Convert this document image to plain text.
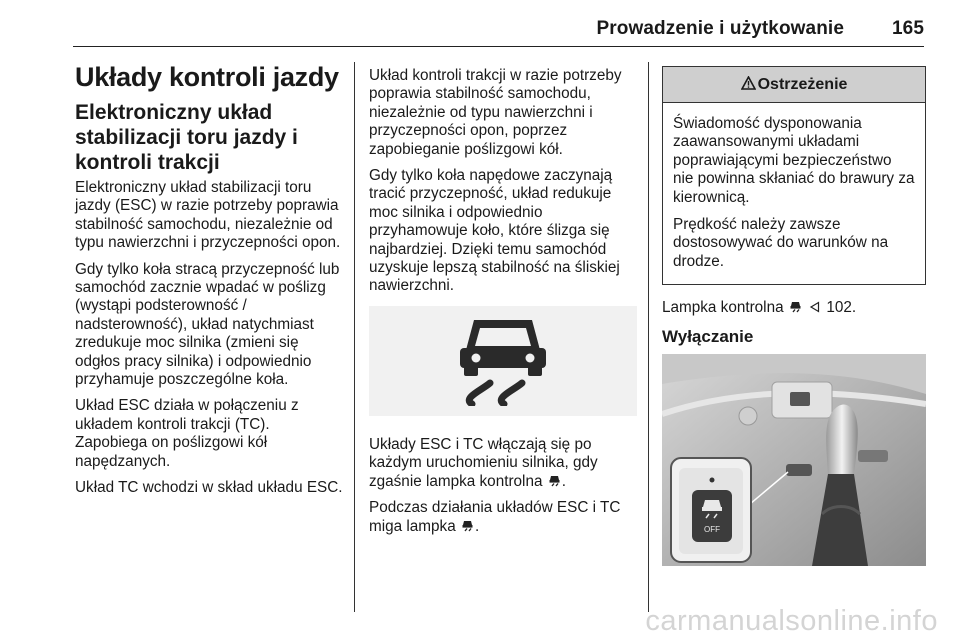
Prowadzenie i użytkowanie	165
Układy kontroli jazdy
Elektroniczny układ stabilizacji toru jazdy i kontroli trakcji

Elektroniczny układ stabilizacji toru jazdy (ESC) w razie potrzeby poprawia stabilność samochodu, niezależnie od typu nawierzchni i przyczepności opon.

Gdy tylko koła stracą przyczepność lub samochód zacznie wpadać w poślizg (wystąpi podsterowność / nadsterowność), układ natychmiast zredukuje moc silnika (zmieni się odgłos pracy silnika) i odpowiednio przyhamuje poszczególne koła.

Układ ESC działa w połączeniu z układem kontroli trakcji (TC). Zapobiega on poślizgowi kół napędzanych.

Układ TC wchodzi w skład układu ESC.

Układ kontroli trakcji w razie potrzeby poprawia stabilność samochodu, niezależnie od typu nawierzchni i przyczepności opon, poprzez zapobieganie poślizgowi kół.

Gdy tylko koła napędowe zaczynają tracić przyczepność, układ redukuje moc silnika i odpowiednio przyhamowuje koło, które ślizga się najbardziej. Dzięki temu samochód uzyskuje lepszą stabilność na śliskiej nawierzchni.

Układy ESC i TC włączają się po każdym uruchomieniu silnika, gdy zgaśnie lampka kontrolna .

Podczas działania układów ESC i TC miga lampka .

Ostrzeżenie

Świadomość dysponowania zaawansowanymi układami poprawiającymi bezpieczeństwo nie powinna skłaniać do brawury za kierownicą.

Prędkość należy zawsze dostosowywać do warunków na drodze.

Lampka kontrolna	102.

Wyłączanie
OFF
carmanualsonline.info
